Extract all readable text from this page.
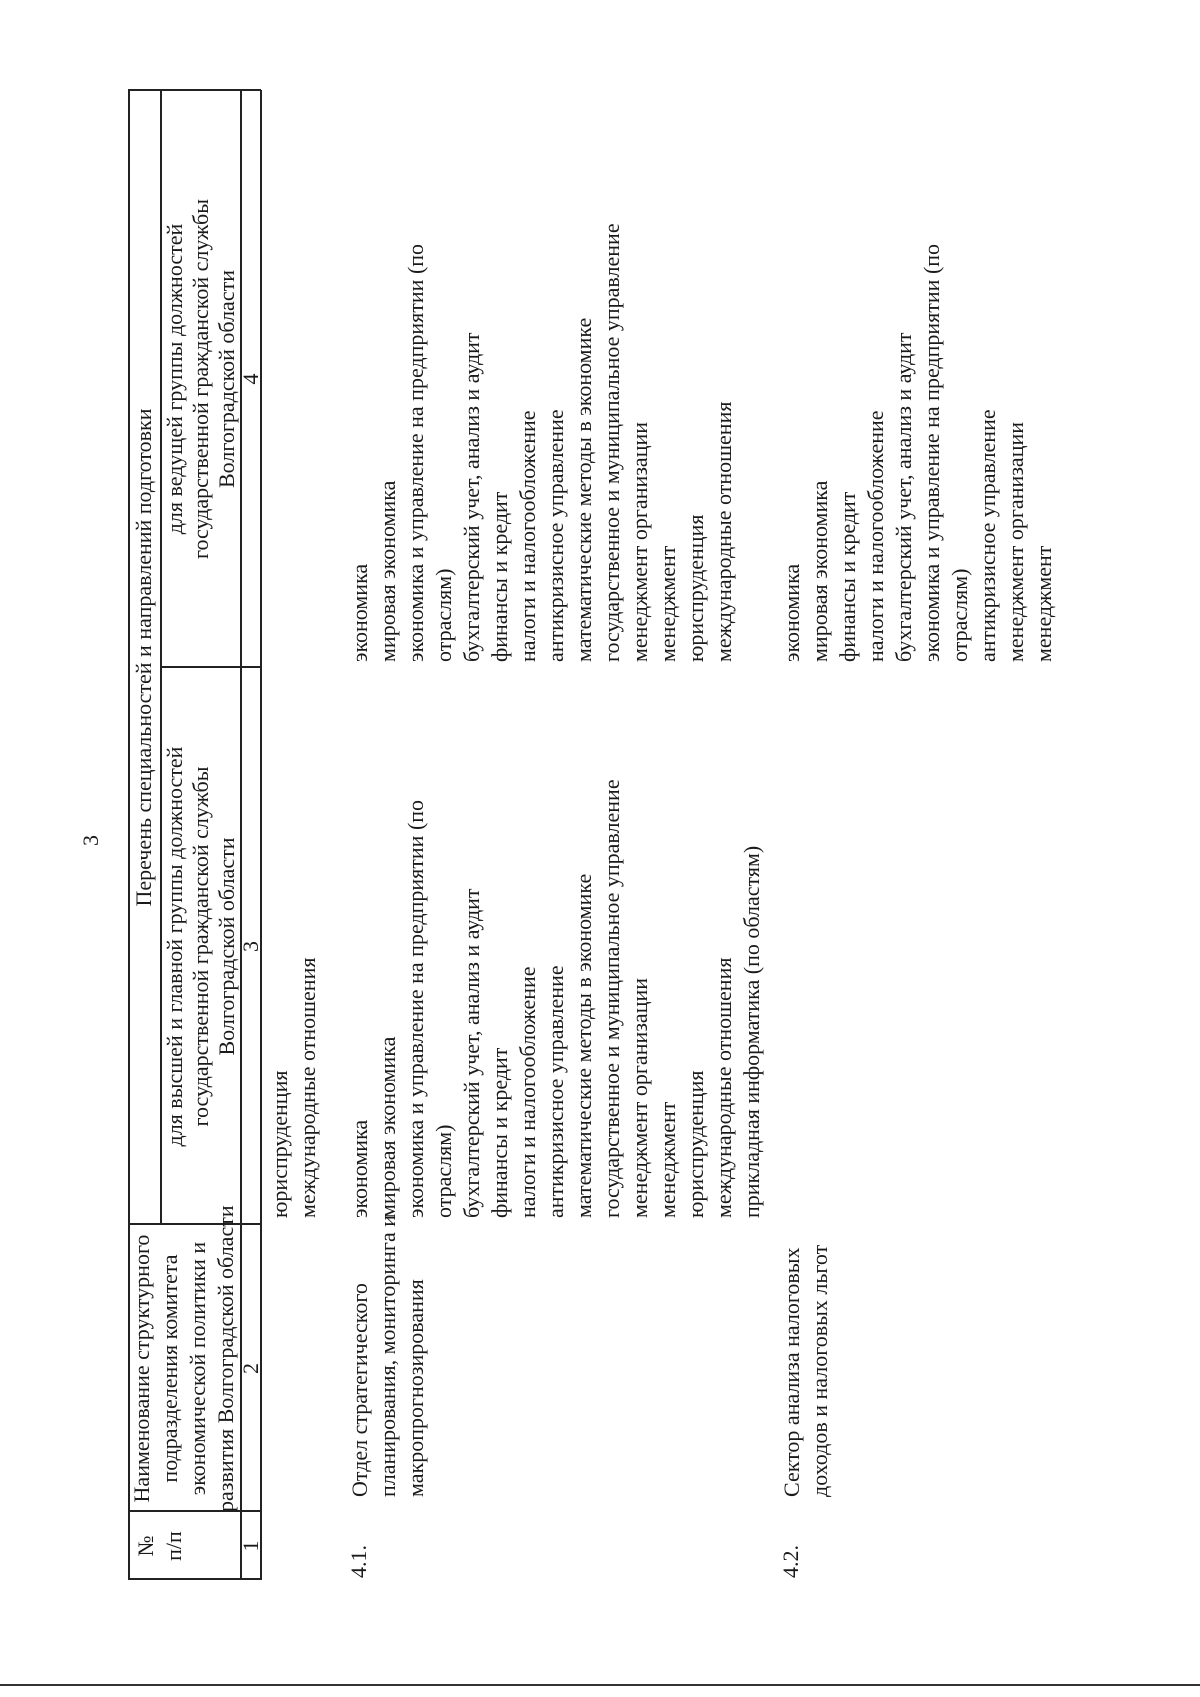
3
№ п/п
Наименование структурного подразделения комитета экономической политики и развития Волгоградской области
Перечень специальностей и направлений подготовки
для высшей и главной группы должностей государственной гражданской службы Волгоградской области
для ведущей группы должностей государственной гражданской службы Волгоградской области
1
2
3
4
юриспруденция международные отношения
4.1.
Отдел стратегического планирования, мониторинга и макропрогнозирования
экономика мировая экономика экономика и управление на предприятии (по отраслям) бухгалтерский учет, анализ и аудит финансы и кредит налоги и налогообложение антикризисное управление математические методы в экономике государственное и муниципальное управление менеджмент организации менеджмент юриспруденция международные отношения прикладная информатика (по областям)
экономика мировая экономика экономика и управление на предприятии (по отраслям) бухгалтерский учет, анализ и аудит финансы и кредит налоги и налогообложение антикризисное управление математические методы в экономике государственное и муниципальное управление менеджмент организации менеджмент юриспруденция международные отношения
4.2.
Сектор анализа налоговых доходов и налоговых льгот
экономика мировая экономика финансы и кредит налоги и налогообложение бухгалтерский учет, анализ и аудит экономика и управление на предприятии (по отраслям) антикризисное управление менеджмент организации менеджмент
